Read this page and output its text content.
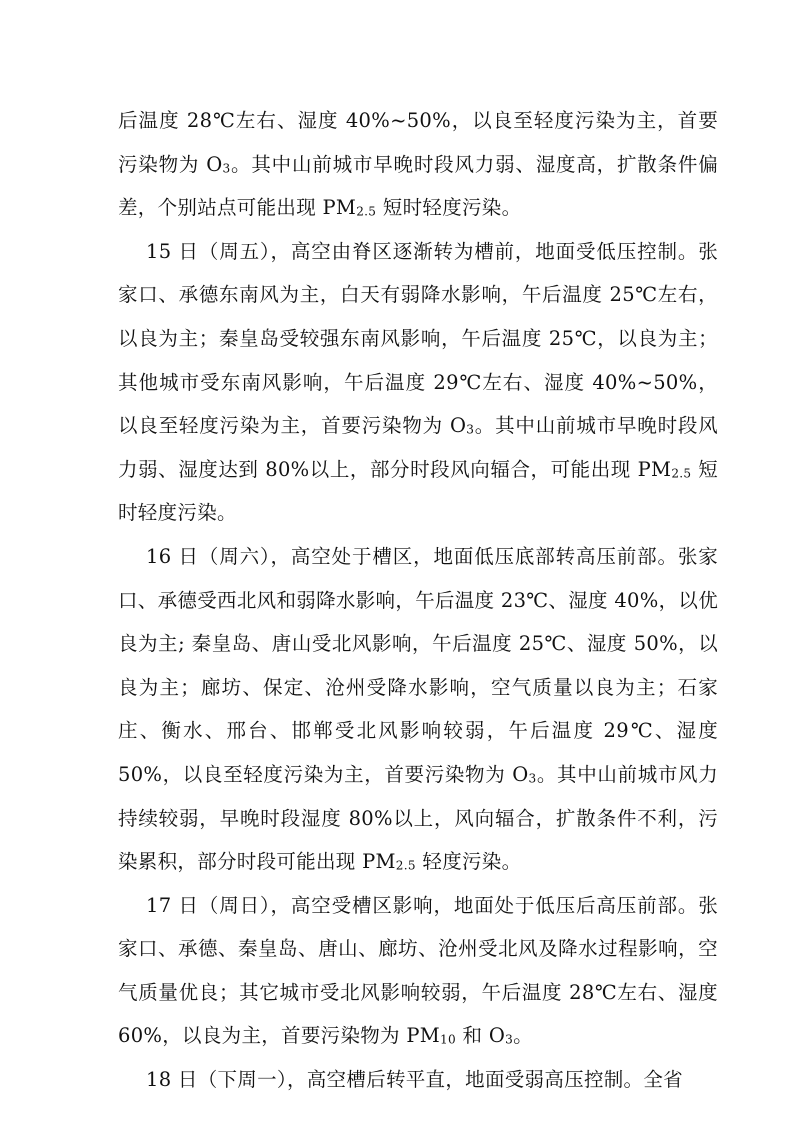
后温度 28℃左右、湿度 40%~50%，以良至轻度污染为主，首要污染物为 $O_3$。其中山前城市早晚时段风力弱、湿度高，扩散条件偏差，个别站点可能出现 $PM_{2.5}$ 短时轻度污染。

15 日（周五），高空由脊区逐渐转为槽前，地面受低压控制。张家口、承德东南风为主，白天有弱降水影响，午后温度 25℃左右，以良为主；秦皇岛受较强东南风影响，午后温度 25℃，以良为主；其他城市受东南风影响，午后温度 29℃左右、湿度 40%~50%，以良至轻度污染为主，首要污染物为 $O_3$。其中山前城市早晚时段风力弱、湿度达到 80%以上，部分时段风向辐合，可能出现 $PM_{2.5}$ 短时轻度污染。

16 日（周六），高空处于槽区，地面低压底部转高压前部。张家口、承德受西北风和弱降水影响，午后温度 23℃、湿度 40%，以优良为主; 秦皇岛、唐山受北风影响，午后温度 25℃、湿度 50%，以良为主；廊坊、保定、沧州受降水影响，空气质量以良为主；石家庄、衡水、邢台、邯郸受北风影响较弱，午后温度 29℃、湿度 50%，以良至轻度污染为主，首要污染物为 $O_3$。其中山前城市风力持续较弱，早晚时段湿度 80%以上，风向辐合，扩散条件不利，污染累积，部分时段可能出现 $PM_{2.5}$ 轻度污染。

17 日（周日），高空受槽区影响，地面处于低压后高压前部。张家口、承德、秦皇岛、唐山、廊坊、沧州受北风及降水过程影响，空气质量优良；其它城市受北风影响较弱，午后温度 28℃左右、湿度 60%，以良为主，首要污染物为 $PM_{10}$ 和 $O_3$。

18 日（下周一），高空槽后转平直，地面受弱高压控制。全省
